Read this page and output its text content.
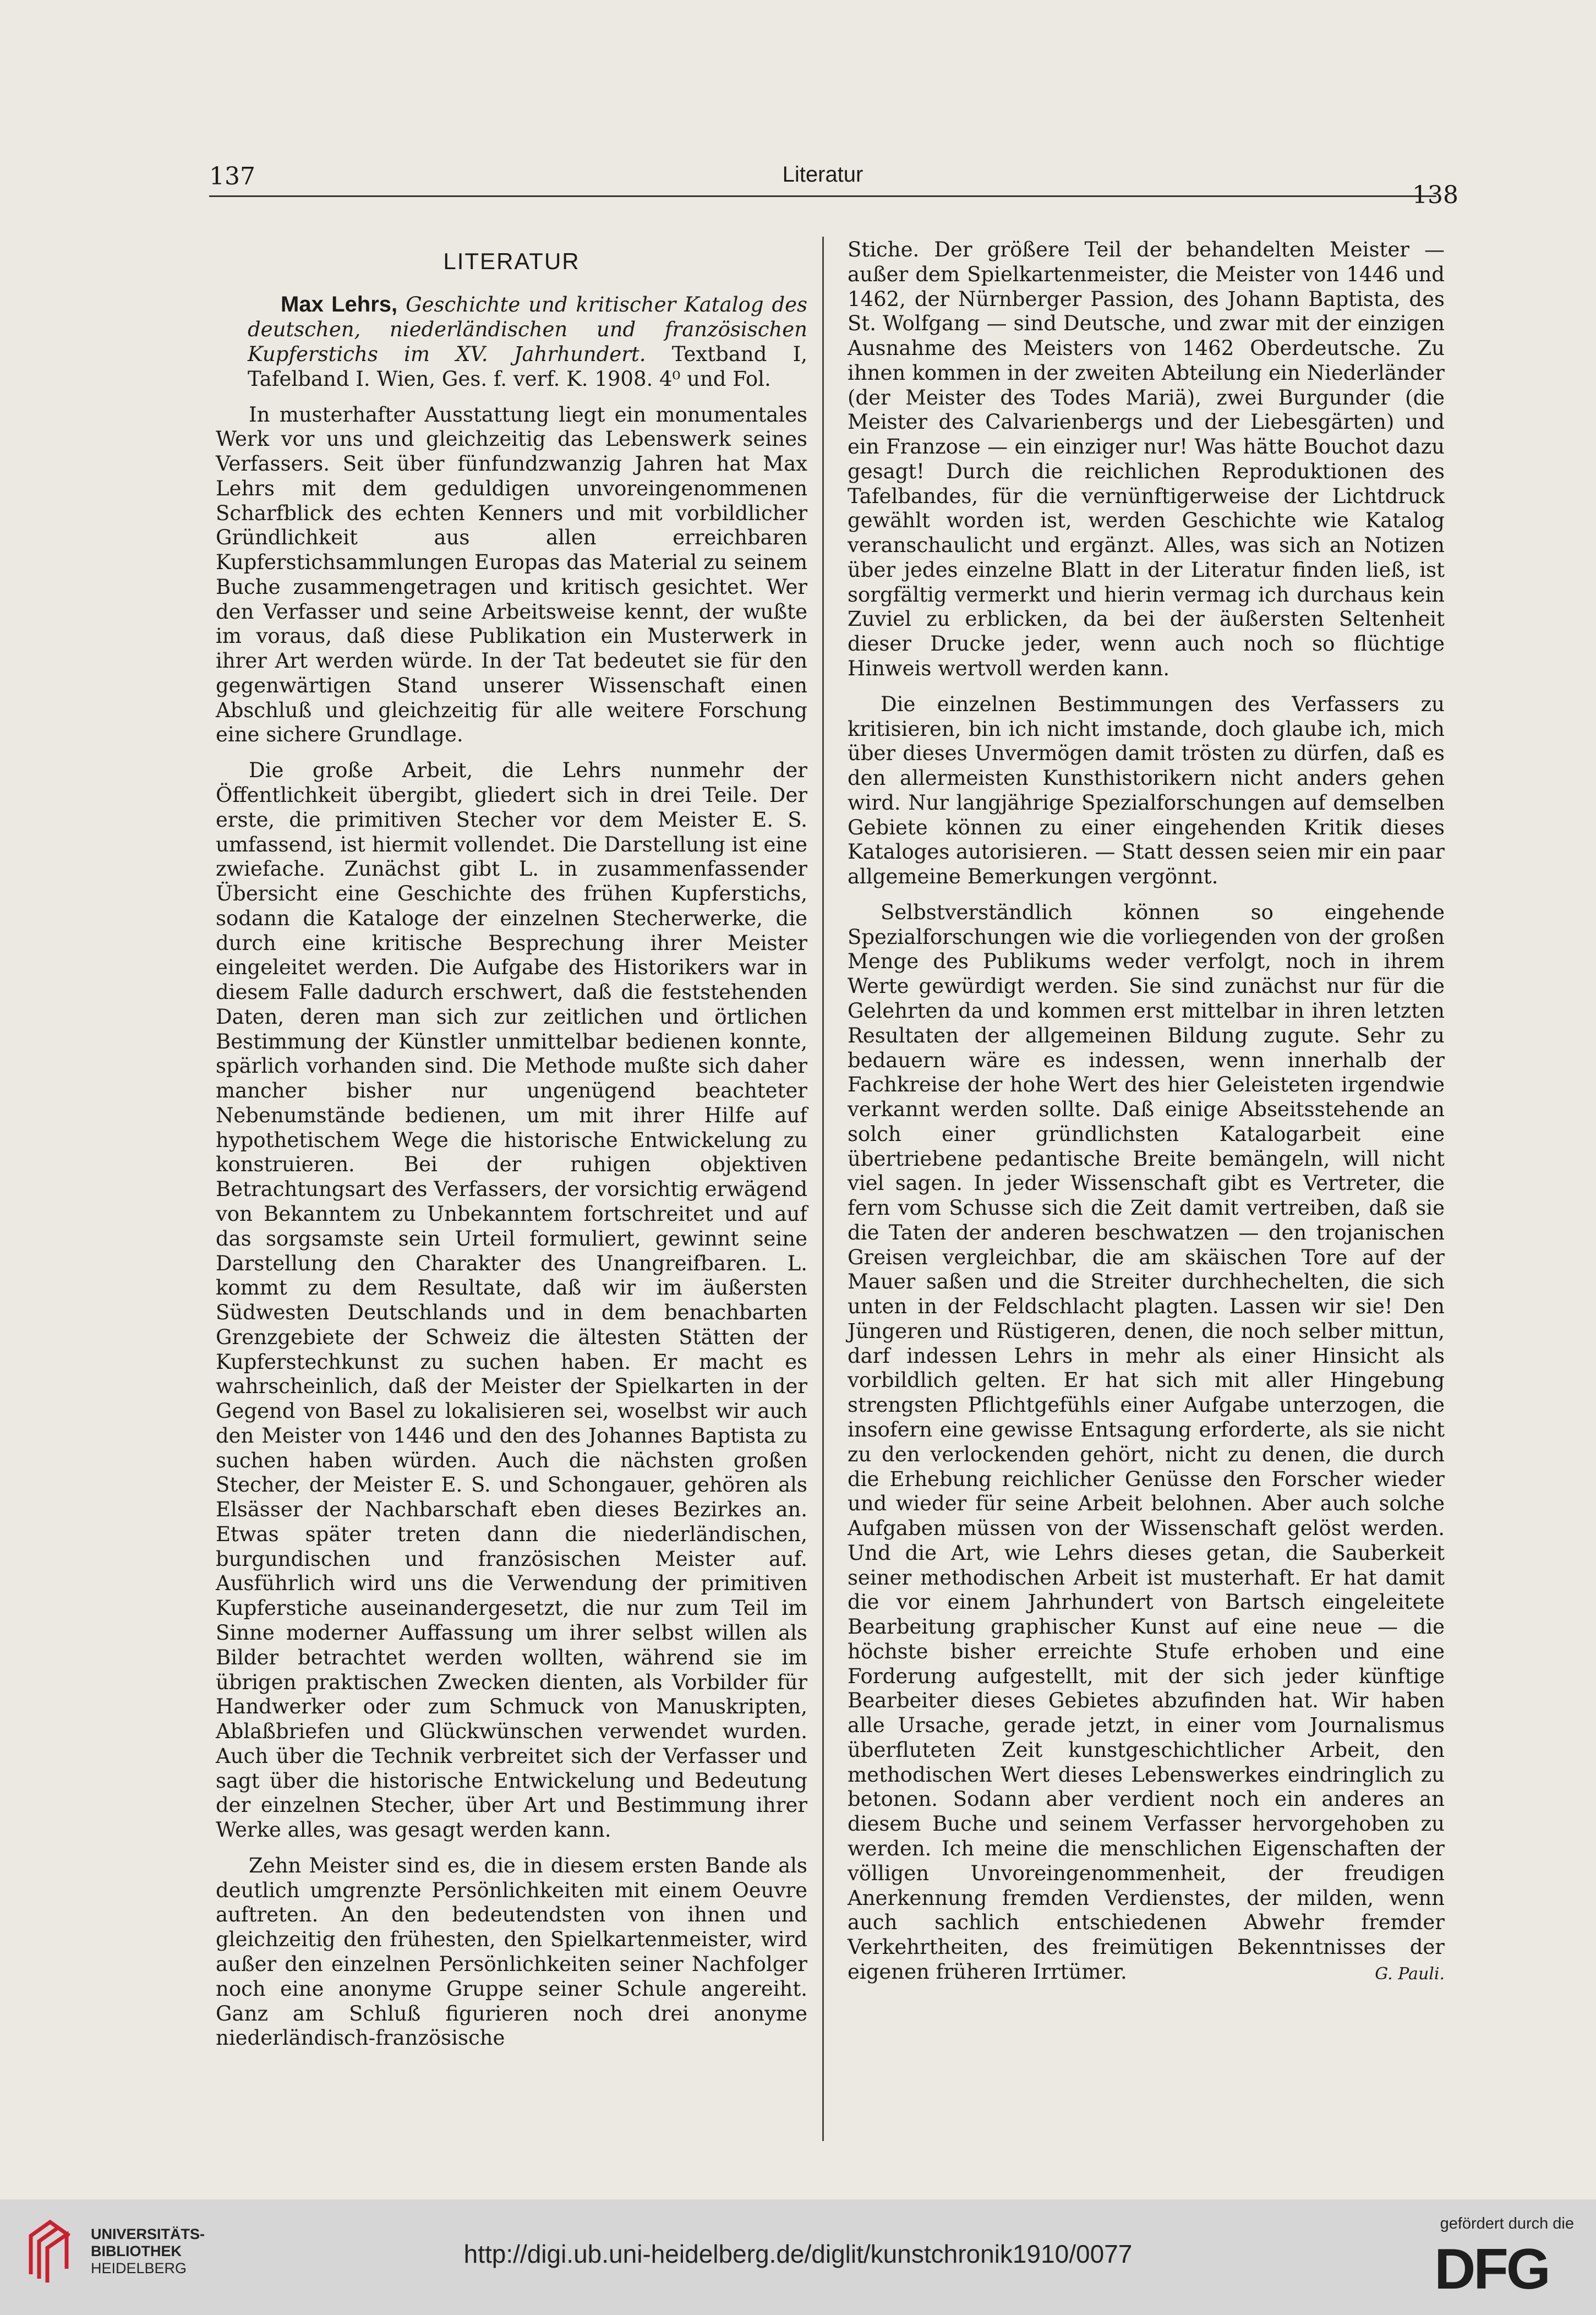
137	Literatur
138
LITERATUR

Max Lehrs, Geschichte und kritischer Katalog des deutschen, niederländischen und französischen Kupferstichs im XV. Jahrhundert. Textband I, Tafelband I. Wien, Ges. f. verf. K. 1908. 4⁰ und Fol.

In musterhafter Ausstattung liegt ein monumentales Werk vor uns und gleichzeitig das Lebenswerk seines Verfassers. Seit über fünfundzwanzig Jahren hat Max Lehrs mit dem geduldigen unvoreingenommenen Scharfblick des echten Kenners und mit vorbildlicher Gründlichkeit aus allen erreichbaren Kupferstichsammlungen Europas das Material zu seinem Buche zusammengetragen und kritisch gesichtet. Wer den Verfasser und seine Arbeitsweise kennt, der wußte im voraus, daß diese Publikation ein Musterwerk in ihrer Art werden würde. In der Tat bedeutet sie für den gegenwärtigen Stand unserer Wissenschaft einen Abschluß und gleichzeitig für alle weitere Forschung eine sichere Grundlage.

Die große Arbeit, die Lehrs nunmehr der Öffentlichkeit übergibt, gliedert sich in drei Teile. Der erste, die primitiven Stecher vor dem Meister E. S. umfassend, ist hiermit vollendet. Die Darstellung ist eine zwiefache. Zunächst gibt L. in zusammenfassender Übersicht eine Geschichte des frühen Kupferstichs, sodann die Kataloge der einzelnen Stecherwerke, die durch eine kritische Besprechung ihrer Meister eingeleitet werden. Die Aufgabe des Historikers war in diesem Falle dadurch erschwert, daß die feststehenden Daten, deren man sich zur zeitlichen und örtlichen Bestimmung der Künstler unmittelbar bedienen konnte, spärlich vorhanden sind. Die Methode mußte sich daher mancher bisher nur ungenügend beachteter Nebenumstände bedienen, um mit ihrer Hilfe auf hypothetischem Wege die historische Entwickelung zu konstruieren. Bei der ruhigen objektiven Betrachtungsart des Verfassers, der vorsichtig erwägend von Bekanntem zu Unbekanntem fortschreitet und auf das sorgsamste sein Urteil formuliert, gewinnt seine Darstellung den Charakter des Unangreifbaren. L. kommt zu dem Resultate, daß wir im äußersten Südwesten Deutschlands und in dem benachbarten Grenzgebiete der Schweiz die ältesten Stätten der Kupferstechkunst zu suchen haben. Er macht es wahrscheinlich, daß der Meister der Spielkarten in der Gegend von Basel zu lokalisieren sei, woselbst wir auch den Meister von 1446 und den des Johannes Baptista zu suchen haben würden. Auch die nächsten großen Stecher, der Meister E. S. und Schongauer, gehören als Elsässer der Nachbarschaft eben dieses Bezirkes an. Etwas später treten dann die niederländischen, burgundischen und französischen Meister auf. Ausführlich wird uns die Verwendung der primitiven Kupferstiche auseinandergesetzt, die nur zum Teil im Sinne moderner Auffassung um ihrer selbst willen als Bilder betrachtet werden wollten, während sie im übrigen praktischen Zwecken dienten, als Vorbilder für Handwerker oder zum Schmuck von Manuskripten, Ablaßbriefen und Glückwünschen verwendet wurden. Auch über die Technik verbreitet sich der Verfasser und sagt über die historische Entwickelung und Bedeutung der einzelnen Stecher, über Art und Bestimmung ihrer Werke alles, was gesagt werden kann.

Zehn Meister sind es, die in diesem ersten Bande als deutlich umgrenzte Persönlichkeiten mit einem Oeuvre auftreten. An den bedeutendsten von ihnen und gleichzeitig den frühesten, den Spielkartenmeister, wird außer den einzelnen Persönlichkeiten seiner Nachfolger noch eine anonyme Gruppe seiner Schule angereiht. Ganz am Schluß figurieren noch drei anonyme niederländisch-französische

Stiche. Der größere Teil der behandelten Meister — außer dem Spielkartenmeister, die Meister von 1446 und 1462, der Nürnberger Passion, des Johann Baptista, des St. Wolfgang — sind Deutsche, und zwar mit der einzigen Ausnahme des Meisters von 1462 Oberdeutsche. Zu ihnen kommen in der zweiten Abteilung ein Niederländer (der Meister des Todes Mariä), zwei Burgunder (die Meister des Calvarienbergs und der Liebesgärten) und ein Franzose — ein einziger nur! Was hätte Bouchot dazu gesagt! Durch die reichlichen Reproduktionen des Tafelbandes, für die vernünftigerweise der Lichtdruck gewählt worden ist, werden Geschichte wie Katalog veranschaulicht und ergänzt. Alles, was sich an Notizen über jedes einzelne Blatt in der Literatur finden ließ, ist sorgfältig vermerkt und hierin vermag ich durchaus kein Zuviel zu erblicken, da bei der äußersten Seltenheit dieser Drucke jeder, wenn auch noch so flüchtige Hinweis wertvoll werden kann.

Die einzelnen Bestimmungen des Verfassers zu kritisieren, bin ich nicht imstande, doch glaube ich, mich über dieses Unvermögen damit trösten zu dürfen, daß es den allermeisten Kunsthistorikern nicht anders gehen wird. Nur langjährige Spezialforschungen auf demselben Gebiete können zu einer eingehenden Kritik dieses Kataloges autorisieren. — Statt dessen seien mir ein paar allgemeine Bemerkungen vergönnt.

Selbstverständlich können so eingehende Spezialforschungen wie die vorliegenden von der großen Menge des Publikums weder verfolgt, noch in ihrem Werte gewürdigt werden. Sie sind zunächst nur für die Gelehrten da und kommen erst mittelbar in ihren letzten Resultaten der allgemeinen Bildung zugute. Sehr zu bedauern wäre es indessen, wenn innerhalb der Fachkreise der hohe Wert des hier Geleisteten irgendwie verkannt werden sollte. Daß einige Abseitsstehende an solch einer gründlichsten Katalogarbeit eine übertriebene pedantische Breite bemängeln, will nicht viel sagen. In jeder Wissenschaft gibt es Vertreter, die fern vom Schusse sich die Zeit damit vertreiben, daß sie die Taten der anderen beschwatzen — den trojanischen Greisen vergleichbar, die am skäischen Tore auf der Mauer saßen und die Streiter durchhechelten, die sich unten in der Feldschlacht plagten. Lassen wir sie! Den Jüngeren und Rüstigeren, denen, die noch selber mittun, darf indessen Lehrs in mehr als einer Hinsicht als vorbildlich gelten. Er hat sich mit aller Hingebung strengsten Pflichtgefühls einer Aufgabe unterzogen, die insofern eine gewisse Entsagung erforderte, als sie nicht zu den verlockenden gehört, nicht zu denen, die durch die Erhebung reichlicher Genüsse den Forscher wieder und wieder für seine Arbeit belohnen. Aber auch solche Aufgaben müssen von der Wissenschaft gelöst werden. Und die Art, wie Lehrs dieses getan, die Sauberkeit seiner methodischen Arbeit ist musterhaft. Er hat damit die vor einem Jahrhundert von Bartsch eingeleitete Bearbeitung graphischer Kunst auf eine neue — die höchste bisher erreichte Stufe erhoben und eine Forderung aufgestellt, mit der sich jeder künftige Bearbeiter dieses Gebietes abzufinden hat. Wir haben alle Ursache, gerade jetzt, in einer vom Journalismus überfluteten Zeit kunstgeschichtlicher Arbeit, den methodischen Wert dieses Lebenswerkes eindringlich zu betonen. Sodann aber verdient noch ein anderes an diesem Buche und seinem Verfasser hervorgehoben zu werden. Ich meine die menschlichen Eigenschaften der völligen Unvoreingenommenheit, der freudigen Anerkennung fremden Verdienstes, der milden, wenn auch sachlich entschiedenen Abwehr fremder Verkehrtheiten, des freimütigen Bekenntnisses der eigenen früheren Irrtümer.	G. Pauli.

UNIVERSITÄTS-
BIBLIOTHEK
HEIDELBERG
http://digi.ub.uni-heidelberg.de/diglit/kunstchronik1910/0077
gefördert durch die
DFG
